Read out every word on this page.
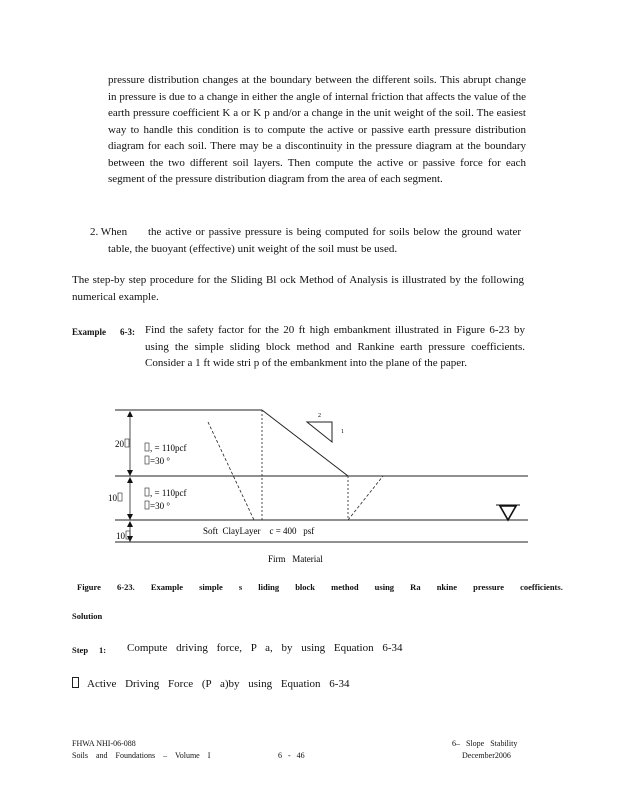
pressure distribution changes at the boundary between the different soils. This abrupt change in pressure is due to a change in either the angle of internal friction that affects the value of the earth pressure coefficient K a or K p and/or a change in the unit weight of the soil. The easiest way to handle this condition is to compute the active or passive earth pressure distribution diagram for each soil. There may be a discontinuity in the pressure diagram at the boundary between the two different soil layers. Then compute the active or passive force for each segment of the pressure distribution diagram from the area of each segment.
2. When	the active or passive pressure is being computed for soils below the ground water table, the buoyant (effective) unit weight of the soil must be used.
The step-by step procedure for the Sliding Bl ock Method of Analysis is illustrated by the following numerical example.
Example 6-3: Find the safety factor for the 20 ft high embankment illustrated in Figure 6-23 by using the simple sliding block method and Rankine earth pressure coefficients. Consider a 1 ft wide stri p of the embankment into the plane of the paper.
2
1
20
10
10
, = 110pcf
=30 °
, = 110pcf
=30 °
Soft  ClayLayer    c = 400   psf
Firm   Material
Figure 6-23. Example simple s liding block method using Ra nkine pressure coefficients.
Solution
Step 1: Compute driving force, P a, by using Equation 6-34
Active Driving Force (P a)by using Equation 6-34
FHWA NHI-06-088
Soils and Foundations – Volume I	6 - 46
6– Slope Stability
December2006
